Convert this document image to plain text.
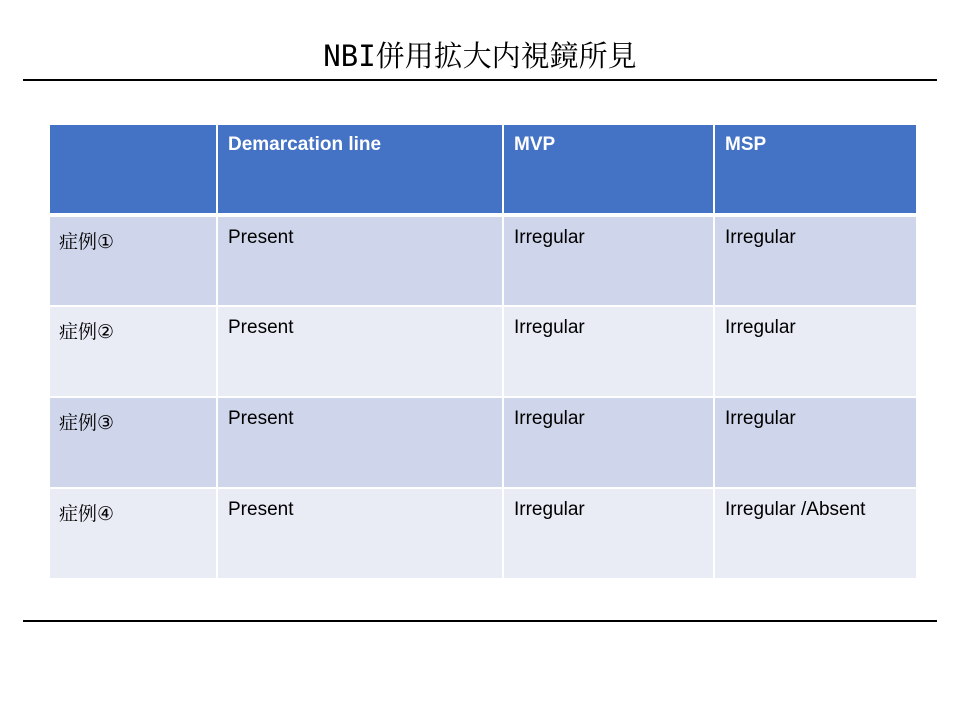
NBI併用拡大内視鏡所見
	Demarcation line	MVP	MSP
症例①	Present	Irregular	Irregular
症例②	Present	Irregular	Irregular
症例③	Present	Irregular	Irregular
症例④	Present	Irregular	Irregular /Absent
